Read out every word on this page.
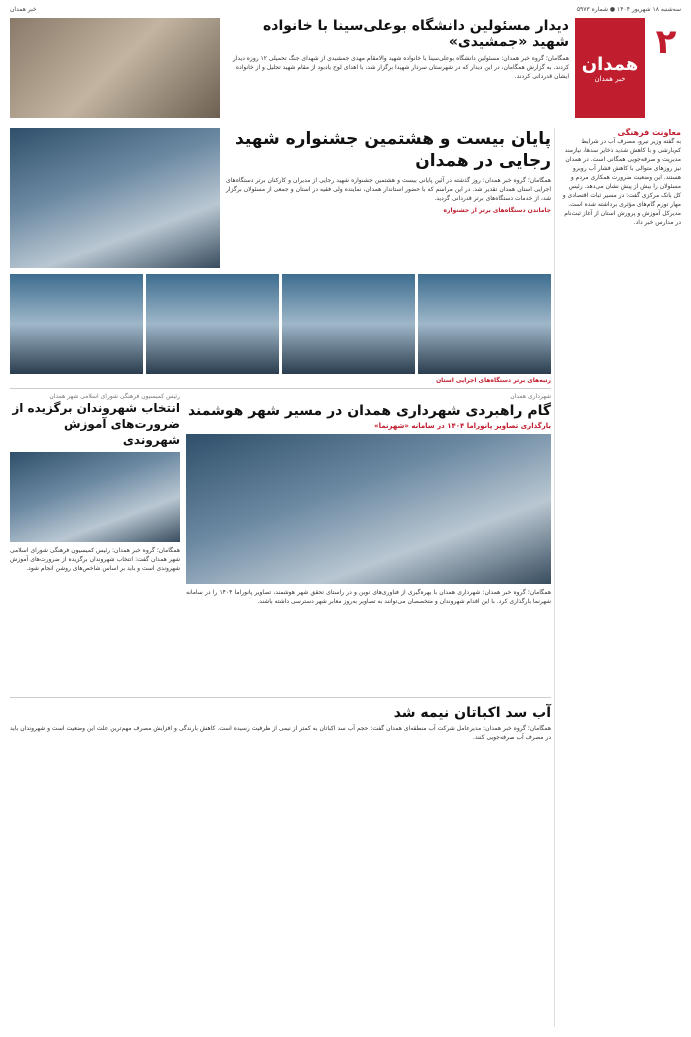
سه‌شنبه ۱۸ شهریور ۱۴۰۴ ● شماره ۵۹۷۳
خبر همدان
۲
همدان
خبر همدان
دیدار مسئولین دانشگاه بوعلی‌سینا با خانواده شهید «جمشیدی»
همگامان؛ گروه خبر همدان: مسئولین دانشگاه بوعلی‌سینا با خانواده شهید والامقام مهدی جمشیدی از شهدای جنگ تحمیلی ۱۲ روزه دیدار کردند. به گزارش همگامان، در این دیدار که در شهرستان سردار شهیدا برگزار شد، با اهدای لوح یادبود از مقام شهید تجلیل و از خانواده ایشان قدردانی کردند.
معاونت فرهنگی
به گفته وزیر نیرو، مصرف آب در شرایط کم‌بارشی و با کاهش شدید ذخایر سدها، نیازمند مدیریت و صرفه‌جویی همگانی است. در همدان نیز روزهای متوالی با کاهش فشار آب روبرو هستند. این وضعیت ضرورت همکاری مردم و مسئولان را بیش از پیش نشان می‌دهد. رئیس کل بانک مرکزی گفت: در مسیر ثبات اقتصادی و مهار تورم گام‌های مؤثری برداشته شده است. مدیرکل آموزش و پرورش استان از آغاز ثبت‌نام در مدارس خبر داد.
پایان بیست و هشتمین جشنواره شهید رجایی در همدان
همگامان؛ گروه خبر همدان: روز گذشته در آئین پایانی بیست و هشتمین جشنواره شهید رجایی از مدیران و کارکنان برتر دستگاه‌های اجرایی استان همدان تقدیر شد. در این مراسم که با حضور استاندار همدان، نماینده ولی فقیه در استان و جمعی از مسئولان برگزار شد، از خدمات دستگاه‌های برتر قدردانی گردید.
جاماندن دستگاه‌های برتر از جشنواره
رتبه‌های برتر دستگاه‌های اجرایی استان
شهرداری همدان
گام راهبردی شهرداری همدان در مسیر شهر هوشمند
بارگذاری تصاویر پانوراما ۱۴۰۴ در سامانه «شهرنما»
همگامان؛ گروه خبر همدان: شهرداری همدان با بهره‌گیری از فناوری‌های نوین و در راستای تحقق شهر هوشمند، تصاویر پانوراما ۱۴۰۴ را در سامانه شهرنما بارگذاری کرد. با این اقدام شهروندان و متخصصان می‌توانند به تصاویر به‌روز معابر شهر دسترسی داشته باشند.
رئیس کمیسیون فرهنگی شورای اسلامی شهر همدان
انتخاب شهروندان برگزیده از ضرورت‌های آموزش شهروندی
همگامان؛ گروه خبر همدان: رئیس کمیسیون فرهنگی شورای اسلامی شهر همدان گفت: انتخاب شهروندان برگزیده از ضرورت‌های آموزش شهروندی است و باید بر اساس شاخص‌های روشن انجام شود.
آب سد اکباتان نیمه شد
همگامان؛ گروه خبر همدان: مدیرعامل شرکت آب منطقه‌ای همدان گفت: حجم آب سد اکباتان به کمتر از نیمی از ظرفیت رسیده است. کاهش بارندگی و افزایش مصرف مهم‌ترین علت این وضعیت است و شهروندان باید در مصرف آب صرفه‌جویی کنند.
